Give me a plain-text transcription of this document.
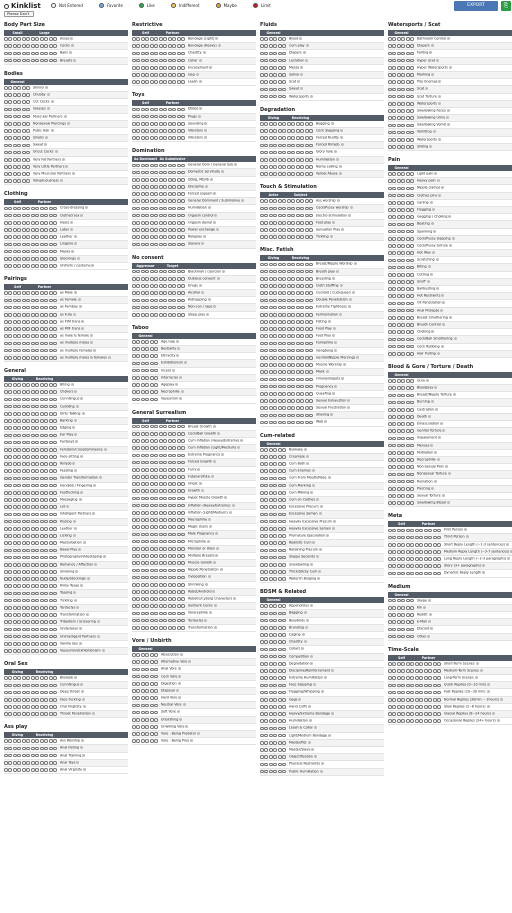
Kinklist	Not Entered	Favorite	Like	Indifferent	Maybe	Limit
Please Don't
EXPORT	⎘
Body Part Size
Small	Large
Asses
Cocks
Balls
Breasts
Bodies
General
Skinny
Chubby
Cut Cocks
Glasses
Muscular Partners
Nonsexual Piercings
Pubic Hair
Smells
Sweat
Uncut Cocks
Very Fat Partners
Very Little Partners
Very Muscular Partners
Voluptuousness
Clothing
Self	Partner
Cross-dressing
Clothed sex
Heels
Latex
Leather
Lingerie
Masks
Stockings
Uniform / costume
Pairings
Self	Partner
as Male
as Female
as Femboy
as Futa
as FtM trans
as MtF trans
as male & female
as multiple males
as multiple females
as multiple males & females
General
Giving	Receiving
Biting
Chokers
Cunnilingus
Cuddling
Dirty Talking
Barking
Edging
Ear Play
Fantasys
Femdom/Crossdominance
Face-sitting
Rimjob
Feeding
Gender Transformation
Handjob / Fingering
Footfucking
Massaging
Lot
Intelligent Partners
Kissing
Leather
Licking
Masturbation
Navel Play
Photography/Videotaping
Romance / Affection
Smoking
Nude/Stockings
Kinky Tease
Teasing
Tickling
Tentaclys
Transformation
Tribadism / Scissoring
Underwear
Unintelligent Partners
Vanilla Sex
Voyeurism/Exhibitionism
Oral Sex
Giving	Receiving
Blowjob
Cunnilingus
Deep throat
Face-fucking
Oral Virginity
Throat Penetration
Ass play
Giving	Receiving
Ass Worship
Anal Fisting
Anal Training
Anal Toys
Anal Virginity
Restrictive
Self	Partner
Bondage (Light)
Bondage (Heavy)
Chastity
Collar
Encasement
Gag
Leash
Toys
Self	Partner
Dildos
Plugs
Sounding
Vibrators
Vibrators
Domination
As Dominant As Submissive
General Dom / General Sub
Domestic servitude
DD/lg, MD/lb
Discipline
Forced orgasm
General Dominant / Submissive
Humiliation
Orgasm control
Orgasm denial
Power exchange
Roleplay
Slavery
No consent
Aggressor	Target
Blackmail / coercion
Dubious consent
Drugs
Alcohol
Kidnapping
Non-con / rape
Sleep play
Taboo
General
Age Gap
Bestiality
Ethnicity
Exhibitionism
Incest
Interracial
Ageplay
Necrophilia
Voyeurism
General Surrealism
Self	Partner
Breast Growth
Cock/Ball Growth
Cum Inflation (Heavy/Extreme)
Cum Inflation (Light/Medium)
Extreme Pregnancy
Forced Growth
Furry
Futanari/Futa
Ghost
Growth
Hyper Muscle Growth
Inflation (Heavy/Extreme)
Inflation (Light/Medium)
Macrophilia
Magic Users
Male Pregnancy
Microphilia
Monster or Alien
Multiple Breasts
Muscle Growth
Nipple Penetration
Oviposition
Shrinking
Robot/Android
Robotic/Cyborg Characters
Sentient Cocks
Vorarephilia
Tentacles
Transformation
Vore / Unbirth
General
Absorption
Alternative Vore
Anal Vore
Cock Vore
Digestion
Disposal
Hard Vore
Neutral Vore
Soft Vore
Unbirthing
Unwilling Vore
Vore - Being Predator
Vore - Being Prey
Fluids
General
Blood
Cum play
Diapers
Lactation
Messy
Saliva
Scat
Sweat
Watersports
Degradation
Giving	Receiving
Begging
Cock Slapping
Forced Nudity
Forced Rimjob
Glory hole
Humiliation
Name calling
Verbal Abuse
Touch & Stimulation
Actor	Subject
Ass worship
Cock/Pussy worship
Electro-stimulation
Foot play
Sensation Play
Tickling
Misc. Fetish
Giving	Receiving
Breast/Nipple Worship
Breath play
Breeding
Cloth Stuffing
Cuckold / Cuckquean
Double Penetration
Extreme Tightness
Fermentation
Fisting
Food Play
Foot Play
Forniphilia
Gangbang
Genital/Nipple Piercings
Muscle Worship
Mask
Omorashi/pets
Pregnancy
Queefing
Sexual Exhaustion
Sexual Frustration
Shaving
Web
Cum-related
General
Bukkake
Creampie
Cum Bath
Cum Enemas
Cum From Mouth/Nose
Cum Marking
Cum Milking
Cum on Clothes
Excessive Precum
Excessive Semen
Heavily Excessive Precum
Heavily Excessive Semen
Premature Ejaculation
Realistic Cum
Retaining Precum
Sloppy Seconds
Snowballing
Thick/Sticky Cum
Watersh Bulging
BDSM & Related
General
Appendicles
Bagging
Bloodkids
Branding
Caging
Chastity
Collars
Competition
Degradation
Discipline/Reinforcement
Extreme Humiliation
Face Slapping
Flogging/Whipping
Gags
Hand Cuffs
Heavy/Extreme Bondage
Humiliation
Leash & Collar
Light/Medium Bondage
Master/Pet
Master/Slave
Objectification
Physical Restraints
Public Humiliation
Watersports / Scat
General
Bathroom Control
Diapers
Farting
Hyper Scat
Hyper Watersports
Marking
Piss Enemas
Scat
Scat Torture
Watersports
Swallowing Feces
Swallowing Urine
Swallowing Vomit
Vomiting
Watersports
Sliding
Pain
General
Light pain
Heavy pain
Nipple clamps
Clothes pins
Caning
Flogging
Gagging / Choking
Beating
Spanking
Cock/Pussy slapping
Cock/Pussy torture
Hot Wax
Scratching
Biting
Cutting
Snuff
Ballbusting
Hot Restraints
Oil Penetration
Anal Prolapse
Breast Smothering
Breath Control
Choking
Cock/Ball Smothering
Cock Rubbing
Hair Pulling
Blood & Gore / Torture / Death
General
Guro
Bloodplay
Breast/Nipple Torture
Burning
Castration
Death
Emasculation
Genital Torture
Impalement
Menses
Mutilation
Necrophilia
Non-Sexual Pain
Nonsexual Torture
Ruination
Piercing
Sexual Torture
Swallowing Blood
Meta
Self	Partner
First Person
Third Person
Short Reply Length (~1-3 sentences)
Medium Reply Length (~3-7 sentences)
Long Reply Length (~2-3 paragraphs)
Story (3+ paragraphs)
Dynamic Reply Length
Medium
General
Skype
Kik
Reddit
E-Mail
Discord
Other
Time-Scale
Self	Partner
Short-Term Scenes
Medium-Term Scenes
Long-Term Scenes
Quick Replies (0~10 min)
Fast Replies (10~30 min)
Normal Replies (30min ~ 2hours)
Slow Replies (2~8 hours)
Glacial Replies (8~24 hours)
Occasional Replies (24+ hours)
